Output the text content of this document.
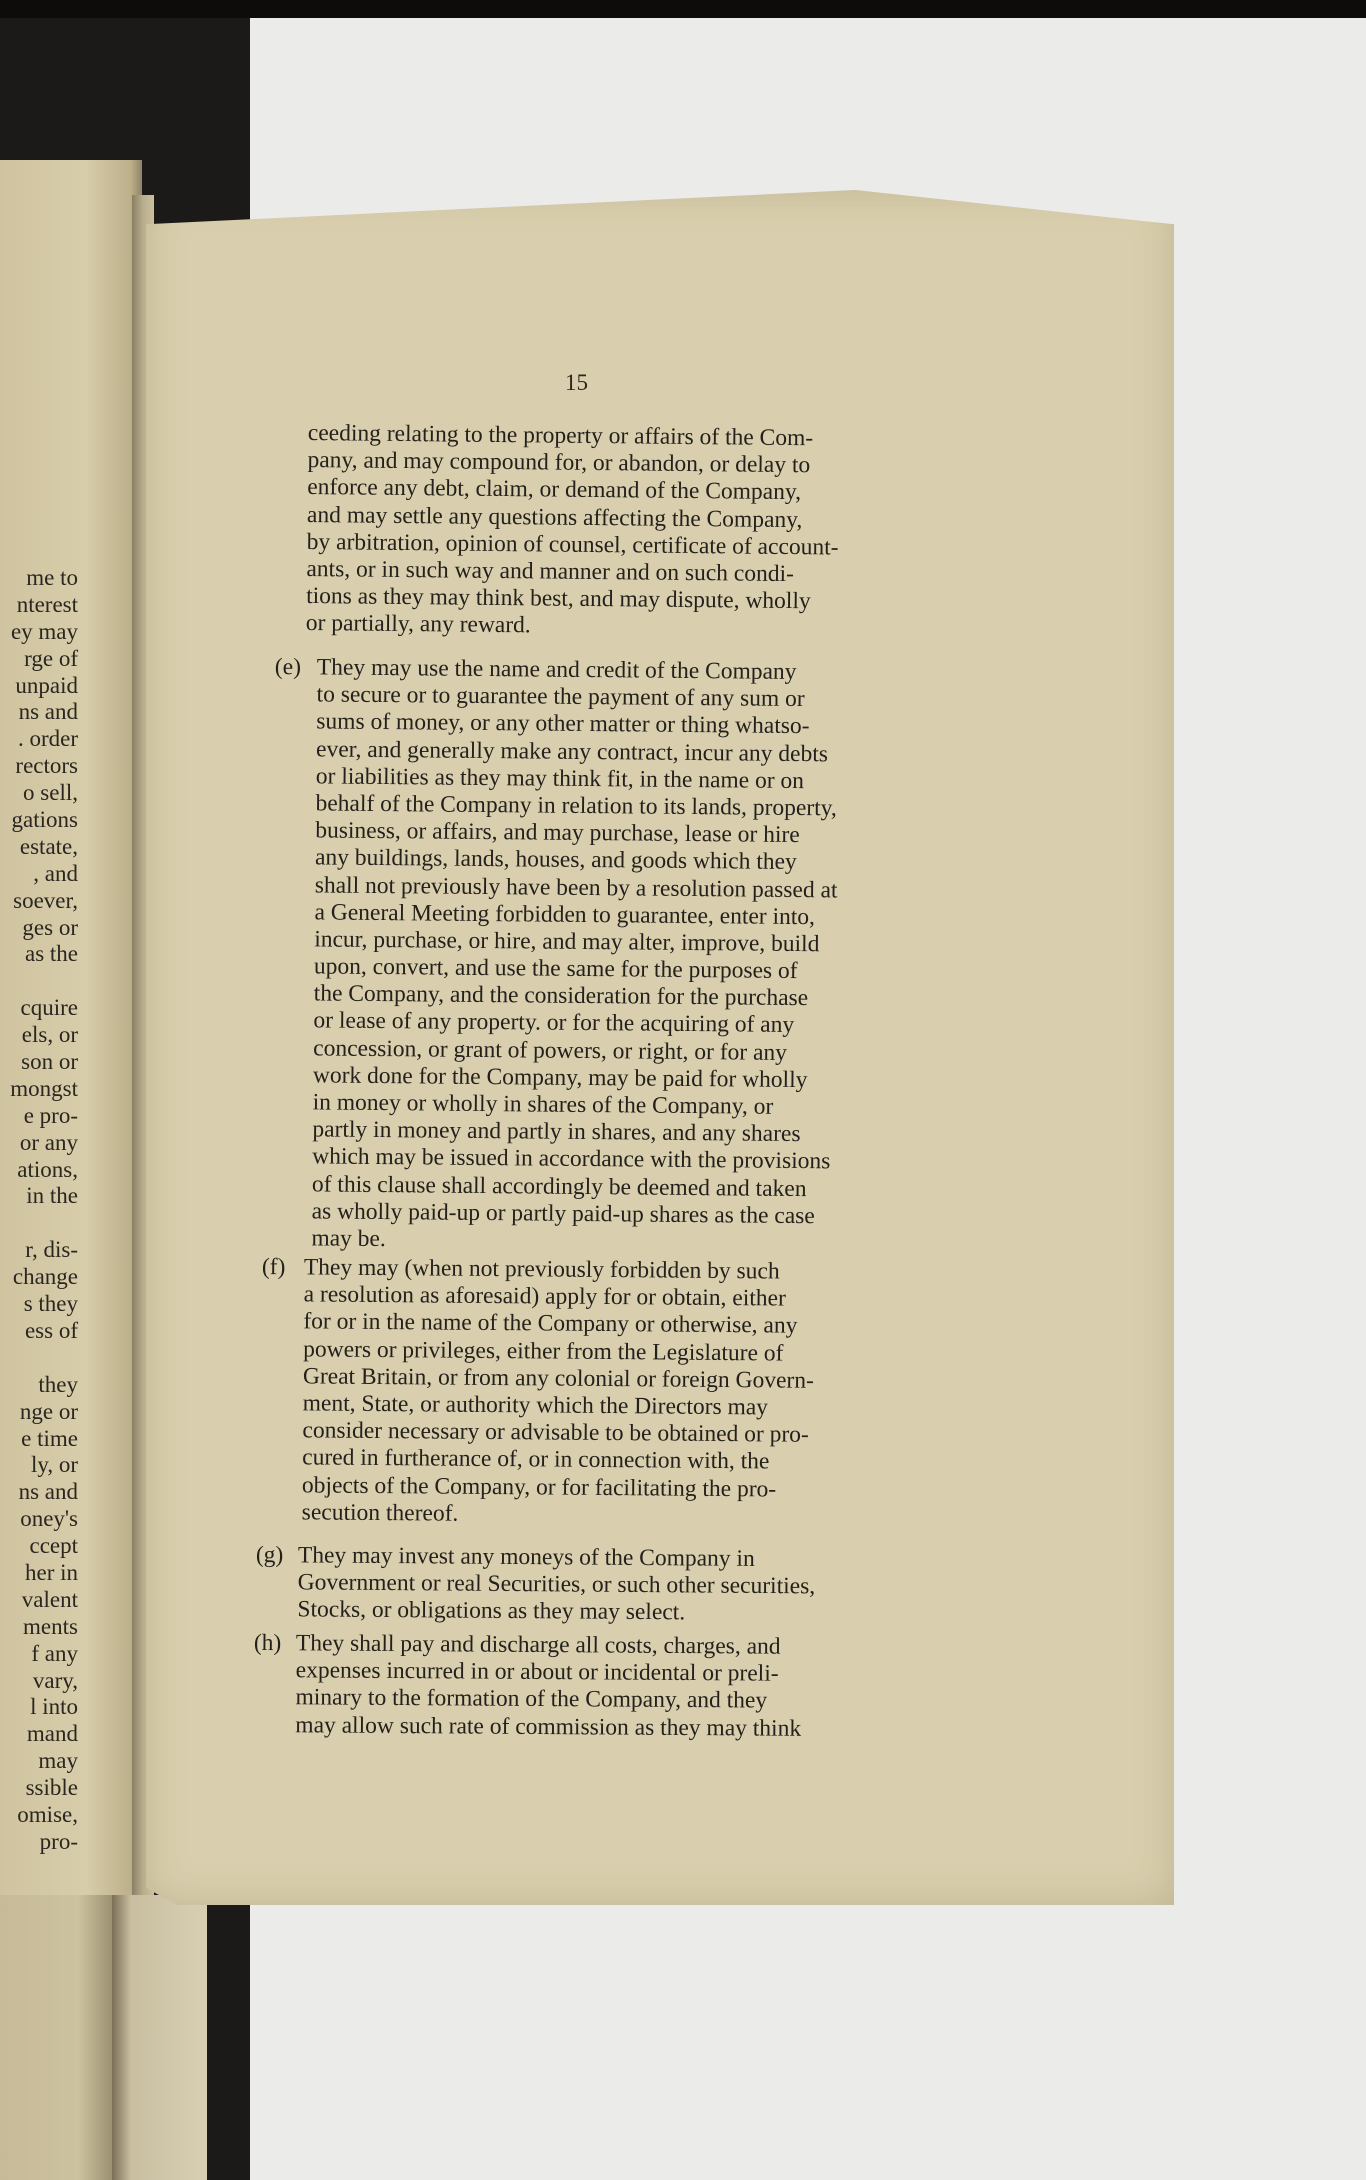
me to
nterest
ey may
rge of
unpaid
ns and
. order
rectors
o sell,
gations
estate,
, and
soever,
ges or
as the
cquire
els, or
son or
mongst
e pro-
or any
ations,
in the
r, dis-
change
s they
ess of
they
nge or
e time
ly, or
ns and
oney's
ccept
her in
valent
ments
f any
vary,
l into
mand
may
ssible
omise,
pro-
15
ceeding relating to the property or affairs of the Com-
pany, and may compound for, or abandon, or delay to
enforce any debt, claim, or demand of the Company,
and may settle any questions affecting the Company,
by arbitration, opinion of counsel, certificate of account-
ants, or in such way and manner and on such condi-
tions as they may think best, and may dispute, wholly
or partially, any reward.
(e) They may use the name and credit of the Company
to secure or to guarantee the payment of any sum or
sums of money, or any other matter or thing whatso-
ever, and generally make any contract, incur any debts
or liabilities as they may think fit, in the name or on
behalf of the Company in relation to its lands, property,
business, or affairs, and may purchase, lease or hire
any buildings, lands, houses, and goods which they
shall not previously have been by a resolution passed at
a General Meeting forbidden to guarantee, enter into,
incur, purchase, or hire, and may alter, improve, build
upon, convert, and use the same for the purposes of
the Company, and the consideration for the purchase
or lease of any property. or for the acquiring of any
concession, or grant of powers, or right, or for any
work done for the Company, may be paid for wholly
in money or wholly in shares of the Company, or
partly in money and partly in shares, and any shares
which may be issued in accordance with the provisions
of this clause shall accordingly be deemed and taken
as wholly paid-up or partly paid-up shares as the case
may be.
(f) They may (when not previously forbidden by such
a resolution as aforesaid) apply for or obtain, either
for or in the name of the Company or otherwise, any
powers or privileges, either from the Legislature of
Great Britain, or from any colonial or foreign Govern-
ment, State, or authority which the Directors may
consider necessary or advisable to be obtained or pro-
cured in furtherance of, or in connection with, the
objects of the Company, or for facilitating the pro-
secution thereof.
(g) They may invest any moneys of the Company in
Government or real Securities, or such other securities,
Stocks, or obligations as they may select.
(h) They shall pay and discharge all costs, charges, and
expenses incurred in or about or incidental or preli-
minary to the formation of the Company, and they
may allow such rate of commission as they may think
